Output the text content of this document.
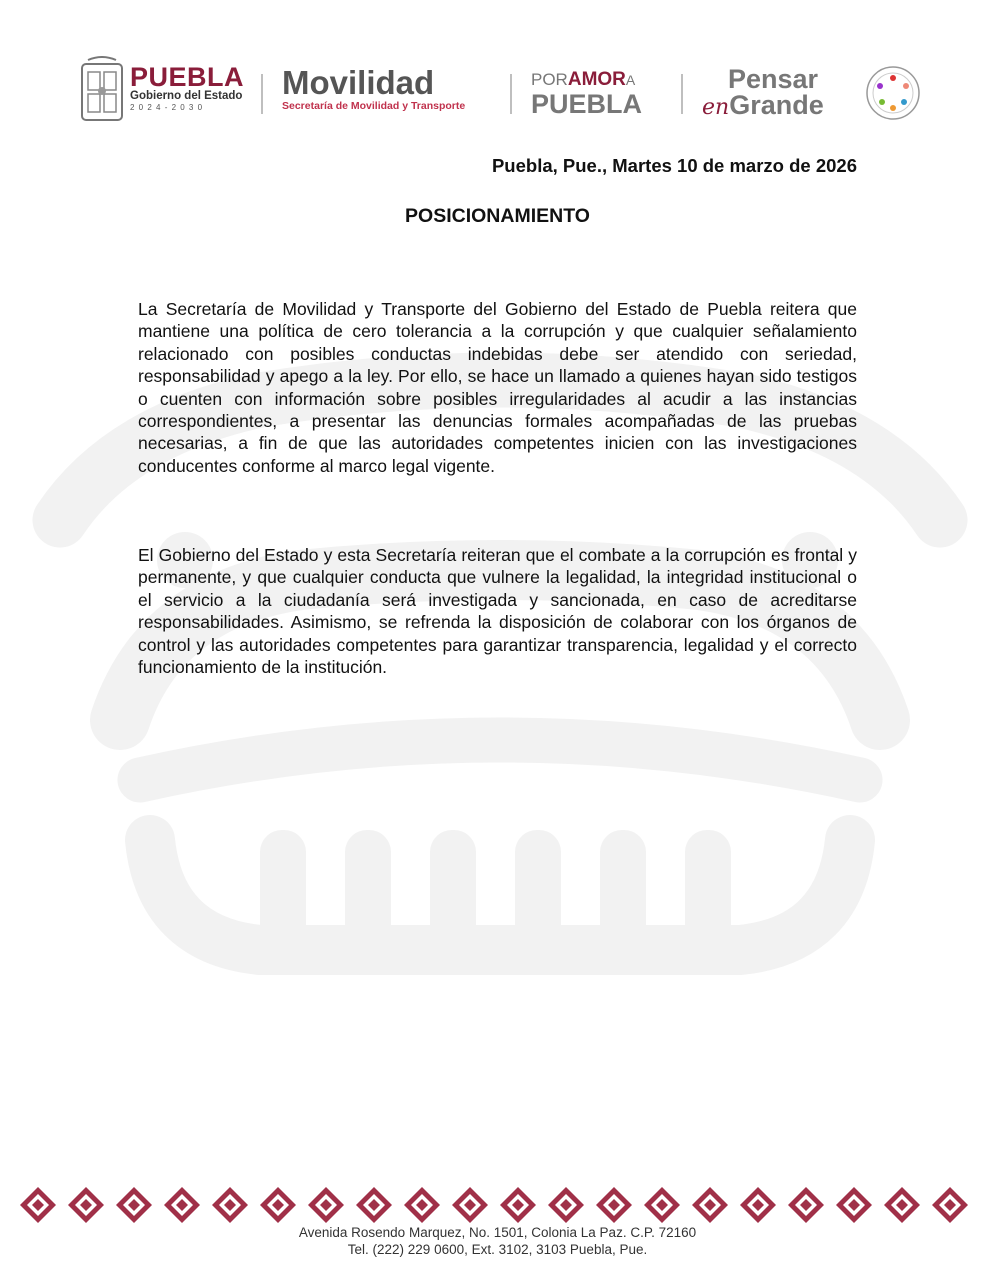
PUEBLA
Gobierno del Estado
2 0 2 4 - 2 0 3 0
Movilidad
Secretaría de Movilidad y Transporte
PORAMORA
PUEBLA
Pensar
enGrande
Puebla, Pue., Martes 10 de marzo de 2026
POSICIONAMIENTO

La Secretaría de Movilidad y Transporte del Gobierno del Estado de Puebla reitera que mantiene una política de cero tolerancia a la corrupción y que cualquier señalamiento relacionado con posibles conductas indebidas debe ser atendido con seriedad, responsabilidad y apego a la ley. Por ello, se hace un llamado a quienes hayan sido testigos o cuenten con información sobre posibles irregularidades al acudir a las instancias correspondientes, a presentar las denuncias formales acompañadas de las pruebas necesarias, a fin de que las autoridades competentes inicien con las investigaciones conducentes conforme al marco legal vigente.

El Gobierno del Estado y esta Secretaría reiteran que el combate a la corrupción es frontal y permanente, y que cualquier conducta que vulnere la legalidad, la integridad institucional o el servicio a la ciudadanía será investigada y sancionada, en caso de acreditarse responsabilidades. Asimismo, se refrenda la disposición de colaborar con los órganos de control y las autoridades competentes para garantizar transparencia, legalidad y el correcto funcionamiento de la institución.

Avenida Rosendo Marquez, No. 1501, Colonia La Paz. C.P. 72160
Tel. (222) 229 0600, Ext. 3102, 3103 Puebla, Pue.
